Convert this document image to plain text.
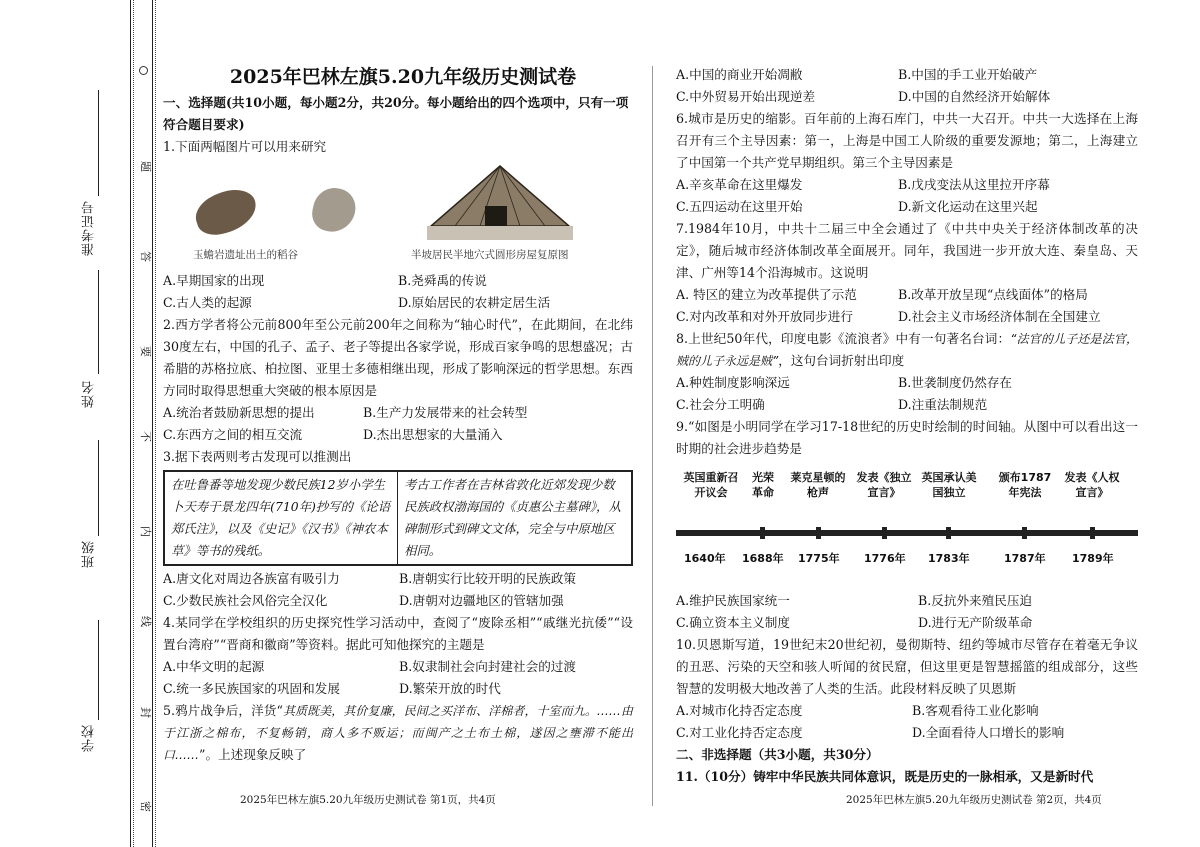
学校
班级
姓名
准考证号
题
答
要
不
内
线
封
密
2025年巴林左旗5.20九年级历史测试卷
一、选择题(共10小题，每小题2分，共20分。每小题给出的四个选项中，只有一项符合题目要求)
1.下面两幅图片可以用来研究
玉蟾岩遗址出土的稻谷	半坡居民半地穴式圆形房屋复原图
A.早期国家的出现	B.尧舜禹的传说
C.古人类的起源	D.原始居民的农耕定居生活
2.西方学者将公元前800年至公元前200年之间称为“轴心时代”，在此期间，在北纬30度左右，中国的孔子、孟子、老子等提出各家学说，形成百家争鸣的思想盛况；古希腊的苏格拉底、柏拉图、亚里士多德相继出现，形成了影响深远的哲学思想。东西方同时取得思想重大突破的根本原因是
A.统治者鼓励新思想的提出	B.生产力发展带来的社会转型
C.东西方之间的相互交流	D.杰出思想家的大量涌入
3.据下表两则考古发现可以推测出
在吐鲁番等地发现少数民族12岁小学生卜天寿于景龙四年(710年)抄写的《论语郑氏注》，以及《史记》《汉书》《神农本草》等书的残纸。
考古工作者在吉林省敦化近郊发现少数民族政权渤海国的《贞惠公主墓碑》，从碑制形式到碑文文体，完全与中原地区相同。
A.唐文化对周边各族富有吸引力	B.唐朝实行比较开明的民族政策
C.少数民族社会风俗完全汉化	D.唐朝对边疆地区的管辖加强
4.某同学在学校组织的历史探究性学习活动中，查阅了“废除丞相”“戚继光抗倭”“设置台湾府”“晋商和徽商”等资料。据此可知他探究的主题是
A.中华文明的起源	B.奴隶制社会向封建社会的过渡
C.统一多民族国家的巩固和发展	D.繁荣开放的时代
5.鸦片战争后，洋货“其质既美，其价复廉，民间之买洋布、洋棉者，十室而九。……由于江浙之棉布，不复畅销，商人多不贩运；而闽产之土布土棉，遂因之壅滞不能出口……”。上述现象反映了
A.中国的商业开始凋敝	B.中国的手工业开始破产
C.中外贸易开始出现逆差	D.中国的自然经济开始解体
6.城市是历史的缩影。百年前的上海石库门，中共一大召开。中共一大选择在上海召开有三个主导因素：第一，上海是中国工人阶级的重要发源地；第二，上海建立了中国第一个共产党早期组织。第三个主导因素是
A.辛亥革命在这里爆发	B.戊戌变法从这里拉开序幕
C.五四运动在这里开始	D.新文化运动在这里兴起
7.1984年10月，中共十二届三中全会通过了《中共中央关于经济体制改革的决定》，随后城市经济体制改革全面展开。同年，我国进一步开放大连、秦皇岛、天津、广州等14个沿海城市。这说明
A. 特区的建立为改革提供了示范	B.改革开放呈现“点线面体”的格局
C.对内改革和对外开放同步进行	D.社会主义市场经济体制在全国建立
8.上世纪50年代，印度电影《流浪者》中有一句著名台词：“法官的儿子还是法官，贼的儿子永远是贼”，这句台词折射出印度
A.种姓制度影响深远	B.世袭制度仍然存在
C.社会分工明确	D.注重法制规范
9.“如图是小明同学在学习17-18世纪的历史时绘制的时间轴。从图中可以看出这一时期的社会进步趋势是
英国重新召开议会
1640年
光荣革命
1688年
莱克星顿的枪声
1775年
发表《独立宣言》
1776年
英国承认美国独立
1783年
颁布1787年宪法
1787年
发表《人权宣言》
1789年
A.维护民族国家统一	B.反抗外来殖民压迫
C.确立资本主义制度	D.进行无产阶级革命
10.贝恩斯写道，19世纪末20世纪初，曼彻斯特、纽约等城市尽管存在着毫无争议的丑恶、污染的天空和骇人听闻的贫民窟，但这里更是智慧摇篮的组成部分，这些智慧的发明极大地改善了人类的生活。此段材料反映了贝恩斯
A.对城市化持否定态度	B.客观看待工业化影响
C.对工业化持否定态度	D.全面看待人口增长的影响
二、非选择题（共3小题，共30分）
11.（10分）铸牢中华民族共同体意识，既是历史的一脉相承，又是新时代
2025年巴林左旗5.20九年级历史测试卷 第1页，共4页	2025年巴林左旗5.20九年级历史测试卷 第2页，共4页
